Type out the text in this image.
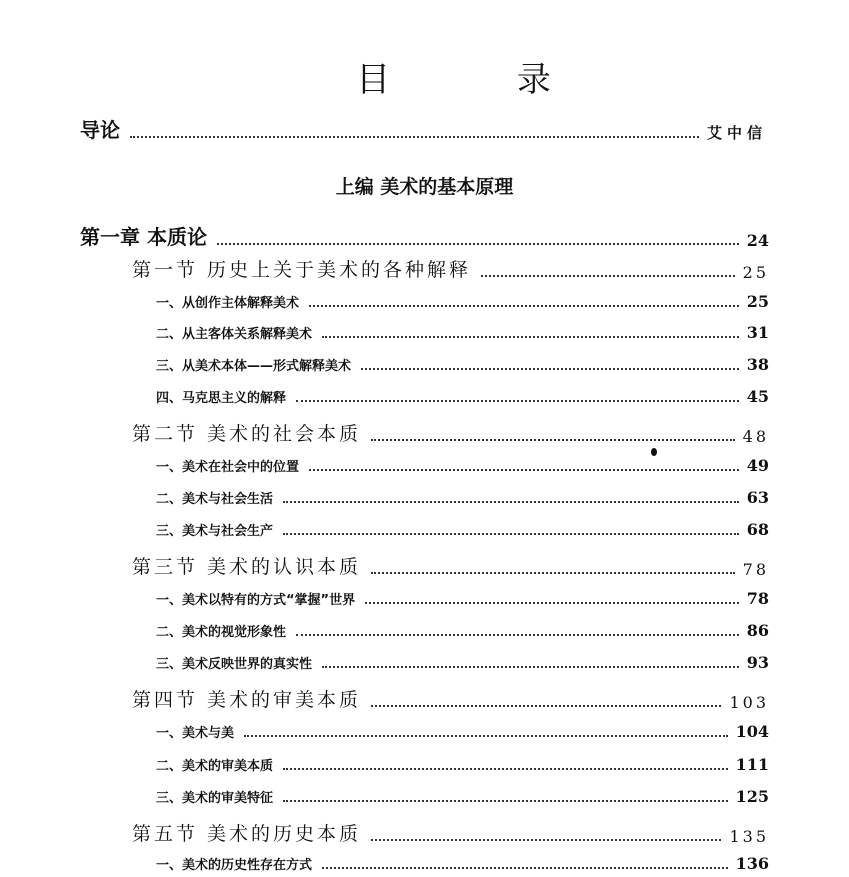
目 录
导论	艾中信
上编 美术的基本原理
第一章 本质论	24
第一节 历史上关于美术的各种解释	25
一、从创作主体解释美术	25
二、从主客体关系解释美术	31
三、从美术本体——形式解释美术	38
四、马克思主义的解释	45
第二节 美术的社会本质	48
一、美术在社会中的位置	49
二、美术与社会生活	63
三、美术与社会生产	68
第三节 美术的认识本质	78
一、美术以特有的方式“掌握”世界	78
二、美术的视觉形象性	86
三、美术反映世界的真实性	93
第四节 美术的审美本质	103
一、美术与美	104
二、美术的审美本质	111
三、美术的审美特征	125
第五节 美术的历史本质	135
一、美术的历史性存在方式	136
